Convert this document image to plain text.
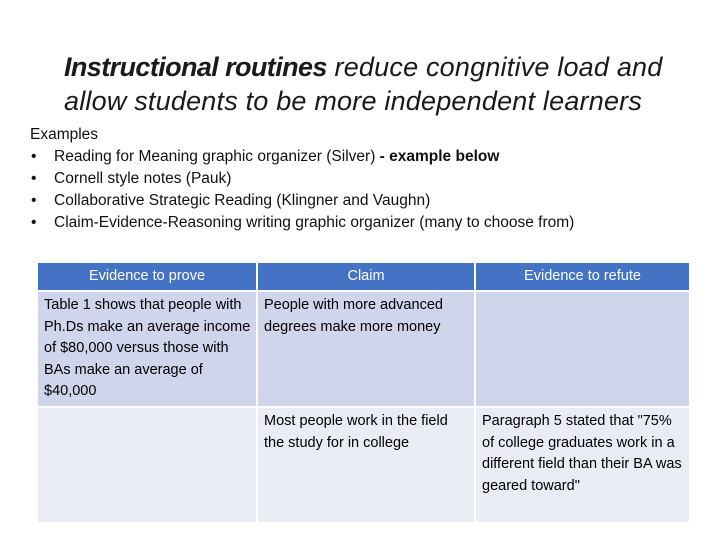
Instructional routines reduce congnitive load and allow students to be more independent learners
Examples
• Reading for Meaning graphic organizer (Silver) - example below
• Cornell style notes (Pauk)
• Collaborative Strategic Reading (Klingner and Vaughn)
• Claim-Evidence-Reasoning writing graphic organizer (many to choose from)
Evidence to prove	Claim	Evidence to refute
Table 1 shows that people with Ph.Ds make an average income of $80,000 versus those with BAs make an average of $40,000	People with more advanced degrees make more money	
	Most people work in the field the study for in college	Paragraph 5 stated that "75% of college graduates work in a different field than their BA was geared toward"
